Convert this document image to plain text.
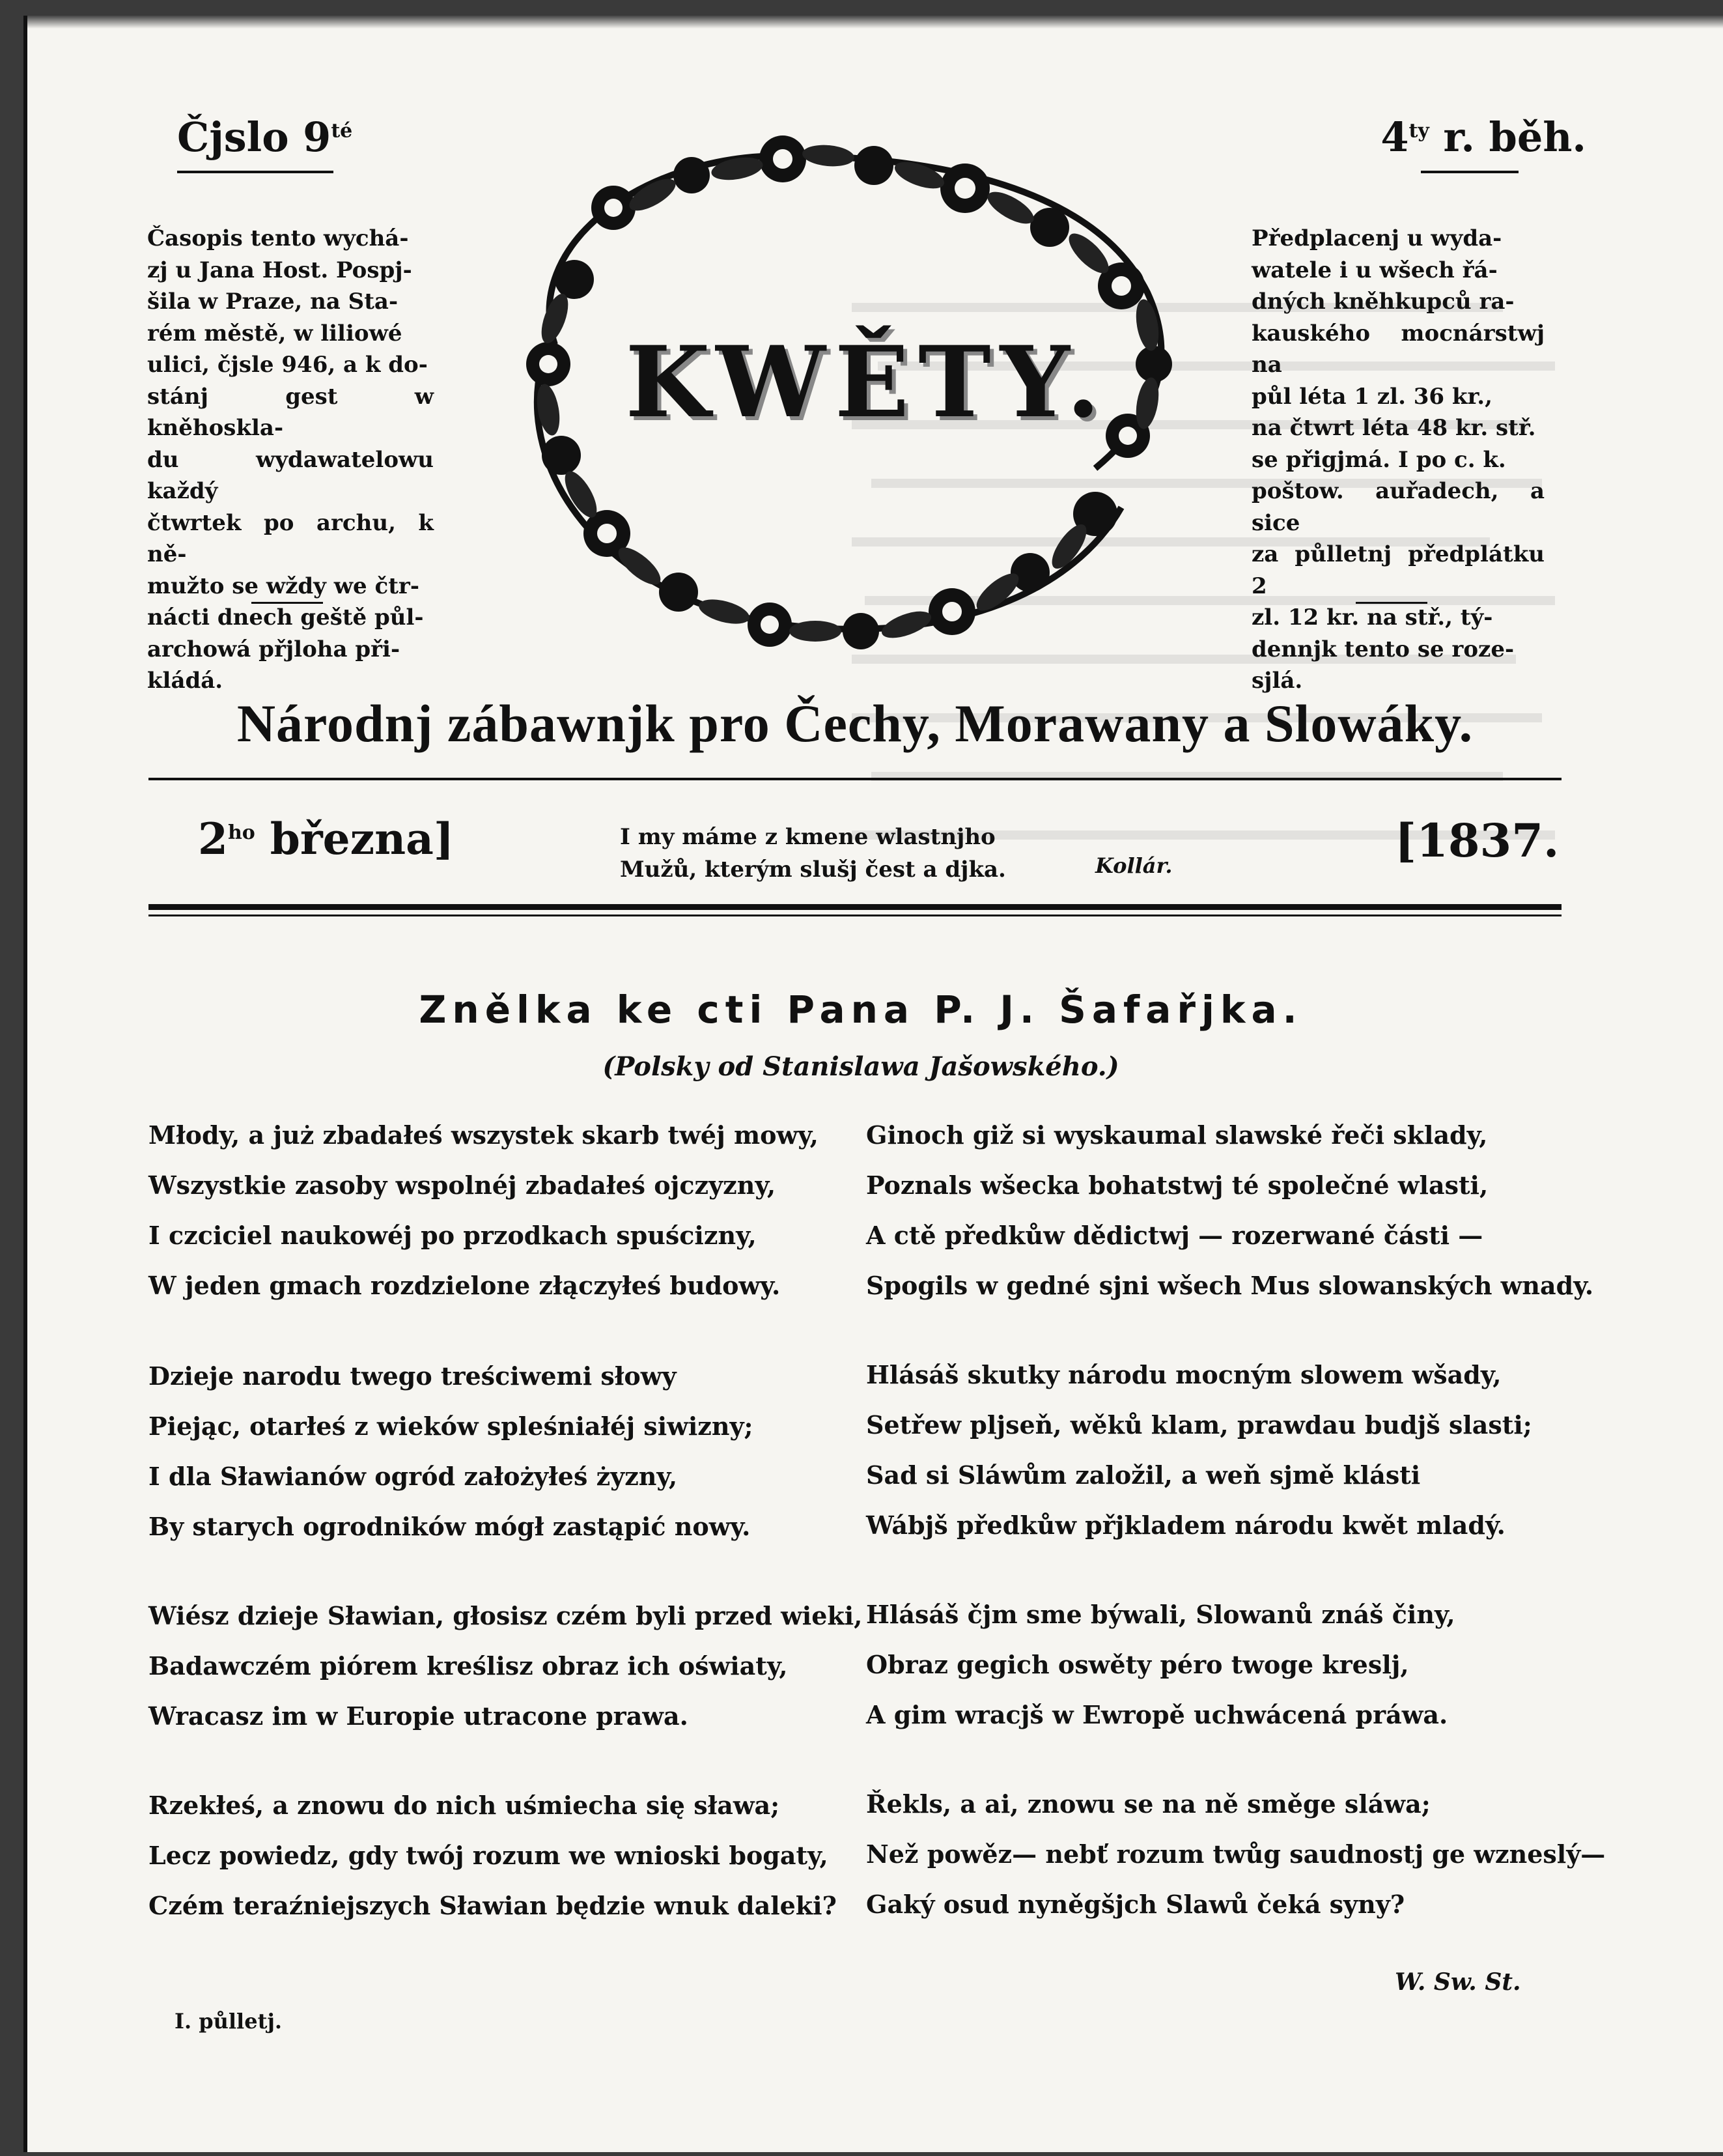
Čjslo $9^{té}$	$4^{ty}$ r. běh.
Časopis tento wychá-
zj u Jana Host. Pospj-
šila w Praze, na Sta-
rém městě, w liliowé
ulici, čjsle 946, a k do-
stánj gest w kněhoskla-
du wydawatelowu každý
čtwrtek po archu, k ně-
mužto se wždy we čtr-
nácti dnech geště půl-
archowá přjloha při-
kládá.
Předplacenj u wyda-
watele i u wšech řá-
dných kněhkupců ra-
kauského mocnárstwj na
půl léta 1 zl. 36 kr.,
na čtwrt léta 48 kr. stř.
se přigjmá. I po c. k.
poštow. auřadech, a sice
za půlletnj předplátku 2
zl. 12 kr. na stř., tý-
dennjk tento se roze-
sjlá.
KWĚTY.
Národnj zábawnjk pro Čechy, Morawany a Slowáky.
$2^{ho}$ března]	I my máme z kmene wlastnjho
Mužů, kterým slušj čest a djka.	Kollár.	[1837.
Znělka ke cti Pana P. J. Šafařjka.
(Polsky od Stanislawa Jašowského.)
Młody, a już zbadałeś wszystek skarb twéj mowy,
Wszystkie zasoby wspolnéj zbadałeś ojczyzny,
I czciciel naukowéj po przodkach spuścizny,
W jeden gmach rozdzielone złączyłeś budowy.
Dzieje narodu twego treściwemi słowy
Piejąc, otarłeś z wieków spleśniałéj siwizny;
I dla Sławianów ogród założyłeś żyzny,
By starych ogrodników mógł zastąpić nowy.
Wiész dzieje Sławian, głosisz czém byli przed wieki,
Badawczém piórem kreślisz obraz ich oświaty,
Wracasz im w Europie utracone prawa.
Rzekłeś, a znowu do nich uśmiecha się sława;
Lecz powiedz, gdy twój rozum we wnioski bogaty,
Czém teraźniejszych Sławian będzie wnuk daleki?
Ginoch giž si wyskaumal slawské řeči sklady,
Poznals wšecka bohatstwj té společné wlasti,
A ctě předkůw dědictwj — rozerwané části —
Spogils w gedné sjni wšech Mus slowanských wnady.
Hlásáš skutky národu mocným slowem wšady,
Setřew pljseň, wěků klam, prawdau budjš slasti;
Sad si Sláwům založil, a weň sjmě klásti
Wábjš předkůw přjkladem národu kwět mladý.
Hlásáš čjm sme býwali, Slowanů znáš činy,
Obraz gegich oswěty péro twoge kreslj,
A gim wracjš w Ewropě uchwácená práwa.
Řekls, a ai, znowu se na ně směge sláwa;
Než powěz— nebť rozum twůg saudnostj ge wzneslý—
Gaký osud nyněgšjch Slawů čeká syny?
W. Sw. St.
I. půlletj.
